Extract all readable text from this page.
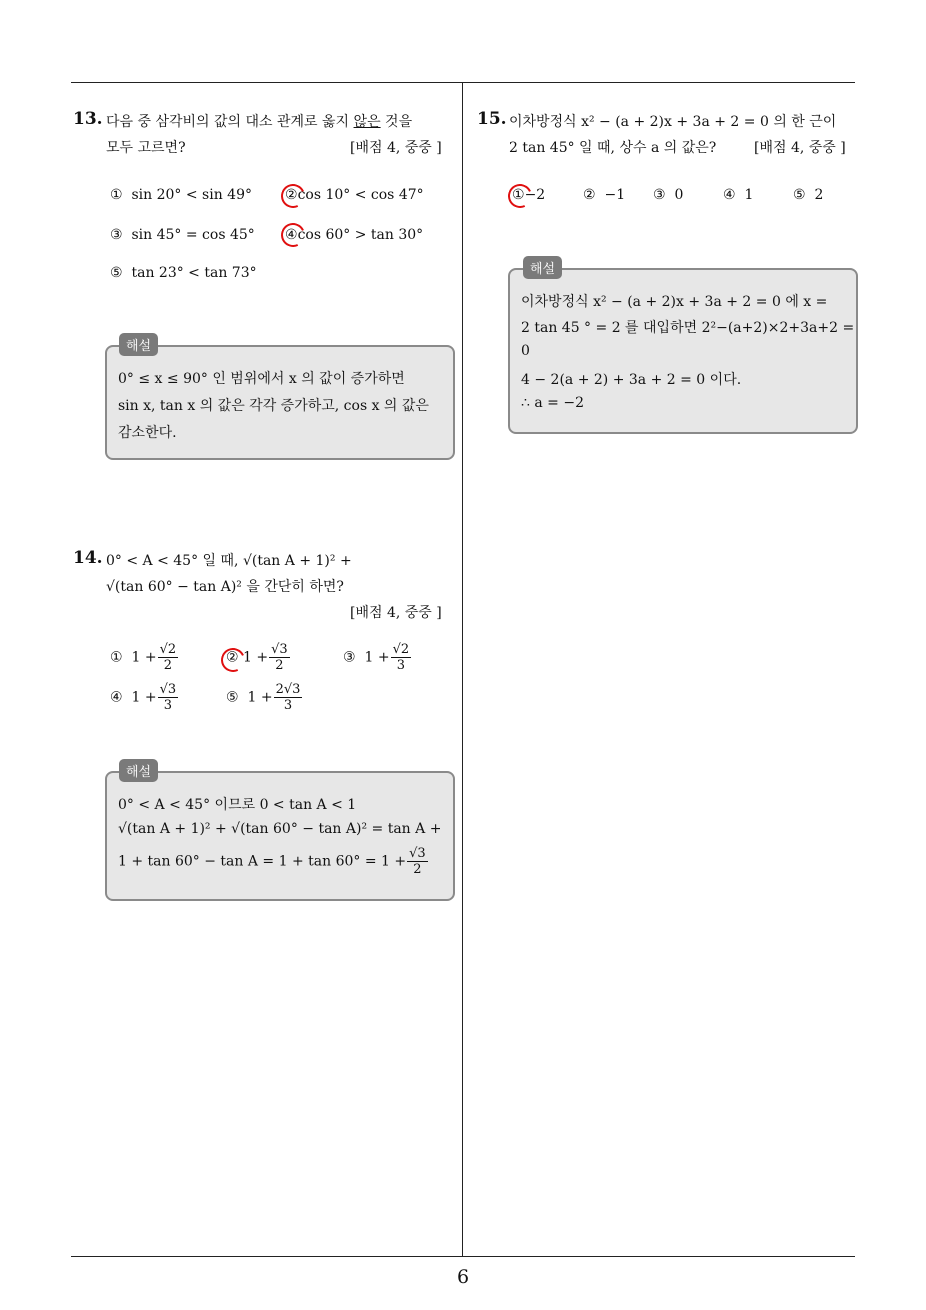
6
13. 다음 중 삼각비의 값의 대소 관계로 옳지 않은 것을
모두 고르면?	[배점 4, 중중 ]
① sin 20° < sin 49° ②cos 10° < cos 47°
③ sin 45° = cos 45° ④cos 60° > tan 30°
⑤ tan 23° < tan 73°
해설
0° ≤ x ≤ 90° 인 범위에서 x 의 값이 증가하면
sin x, tan x 의 값은 각각 증가하고, cos x 의 값은
감소한다.
14. 0° < A < 45° 일 때, √(tan A + 1)² +
√(tan 60° − tan A)² 을 간단히 하면?
[배점 4, 중중 ]
① $1 + \frac{√2}{2}$	② $1 + \frac{√3}{2}$	③ $1 + \frac{√2}{3}$
④ $1 + \frac{√3}{3}$	⑤ $1 + \frac{2√3}{3}$
해설
0° < A < 45° 이므로 0 < tan A < 1
√(tan A + 1)² + √(tan 60° − tan A)² = tan A +
$1 + \tan 60^\circ - \tan A = 1 + \tan 60^\circ = 1 + \frac{√3}{2}$
15. 이차방정식 x² − (a + 2)x + 3a + 2 = 0 의 한 근이
2 tan 45° 일 때, 상수 a 의 값은?	[배점 4, 중중 ]
①−2	② −1 ③ 0	④ 1	⑤ 2
해설
이차방정식 x² − (a + 2)x + 3a + 2 = 0 에 x =
2 tan 45 ° = 2 를 대입하면 2²−(a+2)×2+3a+2 =
0
4 − 2(a + 2) + 3a + 2 = 0 이다.
∴ a = −2
